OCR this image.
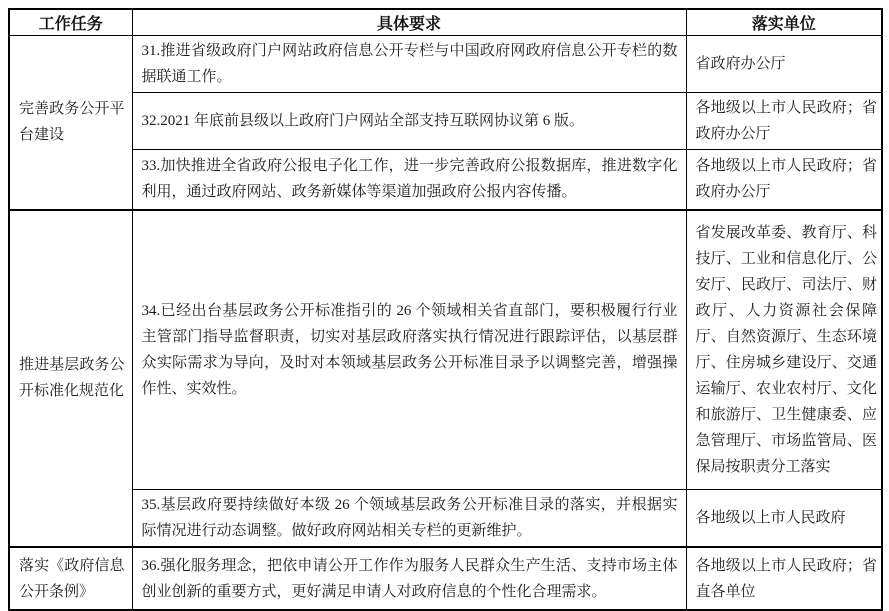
工作任务	具体要求	落实单位
完善政务公开平台建设	31.推进省级政府门户网站政府信息公开专栏与中国政府网政府信息公开专栏的数据联通工作。	省政府办公厅
	32.2021 年底前县级以上政府门户网站全部支持互联网协议第 6 版。	各地级以上市人民政府；省政府办公厅
	33.加快推进全省政府公报电子化工作，进一步完善政府公报数据库，推进数字化利用，通过政府网站、政务新媒体等渠道加强政府公报内容传播。	各地级以上市人民政府；省政府办公厅
推进基层政务公开标准化规范化	34.已经出台基层政务公开标准指引的 26 个领域相关省直部门，要积极履行行业主管部门指导监督职责，切实对基层政府落实执行情况进行跟踪评估，以基层群众实际需求为导向，及时对本领域基层政务公开标准目录予以调整完善，增强操作性、实效性。	省发展改革委、教育厅、科技厅、工业和信息化厅、公安厅、民政厅、司法厅、财政厅、人力资源社会保障厅、自然资源厅、生态环境厅、住房城乡建设厅、交通运输厅、农业农村厅、文化和旅游厅、卫生健康委、应急管理厅、市场监管局、医保局按职责分工落实
	35.基层政府要持续做好本级 26 个领域基层政务公开标准目录的落实，并根据实际情况进行动态调整。做好政府网站相关专栏的更新维护。	各地级以上市人民政府
落实《政府信息公开条例》	36.强化服务理念，把依申请公开工作作为服务人民群众生产生活、支持市场主体创业创新的重要方式，更好满足申请人对政府信息的个性化合理需求。	各地级以上市人民政府；省直各单位
